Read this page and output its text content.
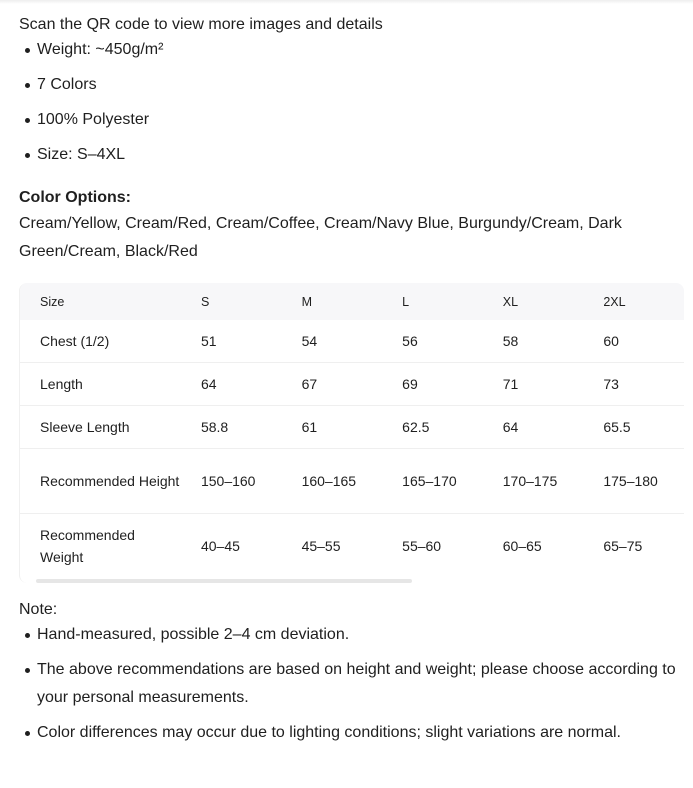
Scan the QR code to view more images and details

Weight: ~450g/m²
7 Colors
100% Polyester
Size: S–4XL
Color Options:
Cream/Yellow, Cream/Red, Cream/Coffee, Cream/Navy Blue, Burgundy/Cream, Dark Green/Cream, Black/Red
Size	S	M	L	XL	2XL
Chest (1/2)	51	54	56	58	60
Length	64	67	69	71	73
Sleeve Length	58.8	61	62.5	64	65.5
Recommended Height	150–160	160–165	165–170	170–175	175–180
Recommended Weight	40–45	45–55	55–60	60–65	65–75
Note:
Hand-measured, possible 2–4 cm deviation.
The above recommendations are based on height and weight; please choose according to your personal measurements.
Color differences may occur due to lighting conditions; slight variations are normal.
